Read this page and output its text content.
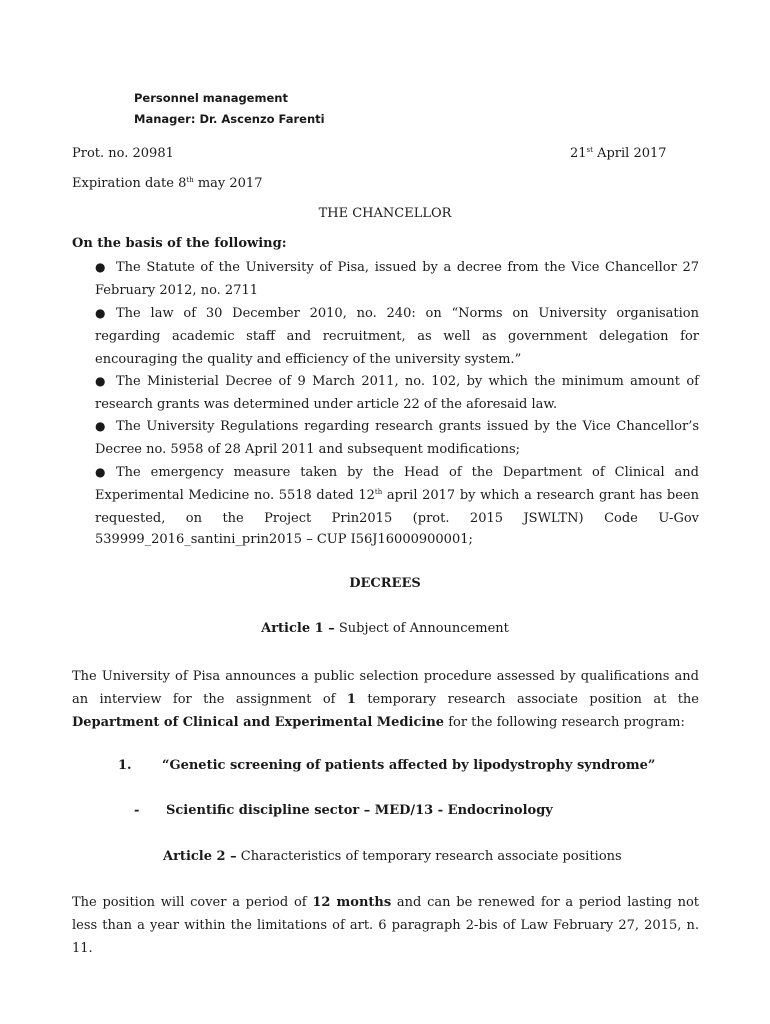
Personnel management
Manager: Dr. Ascenzo Farenti
Prot. no. 20981	21st April 2017
Expiration date 8th may 2017
THE CHANCELLOR
On the basis of the following:
● The Statute of the University of Pisa, issued by a decree from the Vice Chancellor 27 February 2012, no. 2711
● The law of 30 December 2010, no. 240: on “Norms on University organisation regarding academic staff and recruitment, as well as government delegation for encouraging the quality and efficiency of the university system.”
● The Ministerial Decree of 9 March 2011, no. 102, by which the minimum amount of research grants was determined under article 22 of the aforesaid law.
● The University Regulations regarding research grants issued by the Vice Chancellor’s Decree no. 5958 of 28 April 2011 and subsequent modifications;
● The emergency measure taken by the Head of the Department of Clinical and Experimental Medicine no. 5518 dated 12th april 2017 by which a research grant has been requested, on the Project Prin2015 (prot. 2015 JSWLTN) Code U-Gov
539999_2016_santini_prin2015 – CUP I56J16000900001;
DECREES
Article 1 – Subject of Announcement
The University of Pisa announces a public selection procedure assessed by qualifications and an interview for the assignment of 1 temporary research associate position at the Department of Clinical and Experimental Medicine for the following research program:
1. “Genetic screening of patients affected by lipodystrophy syndrome”
- Scientific discipline sector – MED/13 - Endocrinology
Article 2 – Characteristics of temporary research associate positions
The position will cover a period of 12 months and can be renewed for a period lasting not less than a year within the limitations of art. 6 paragraph 2-bis of Law February 27, 2015, n. 11.
